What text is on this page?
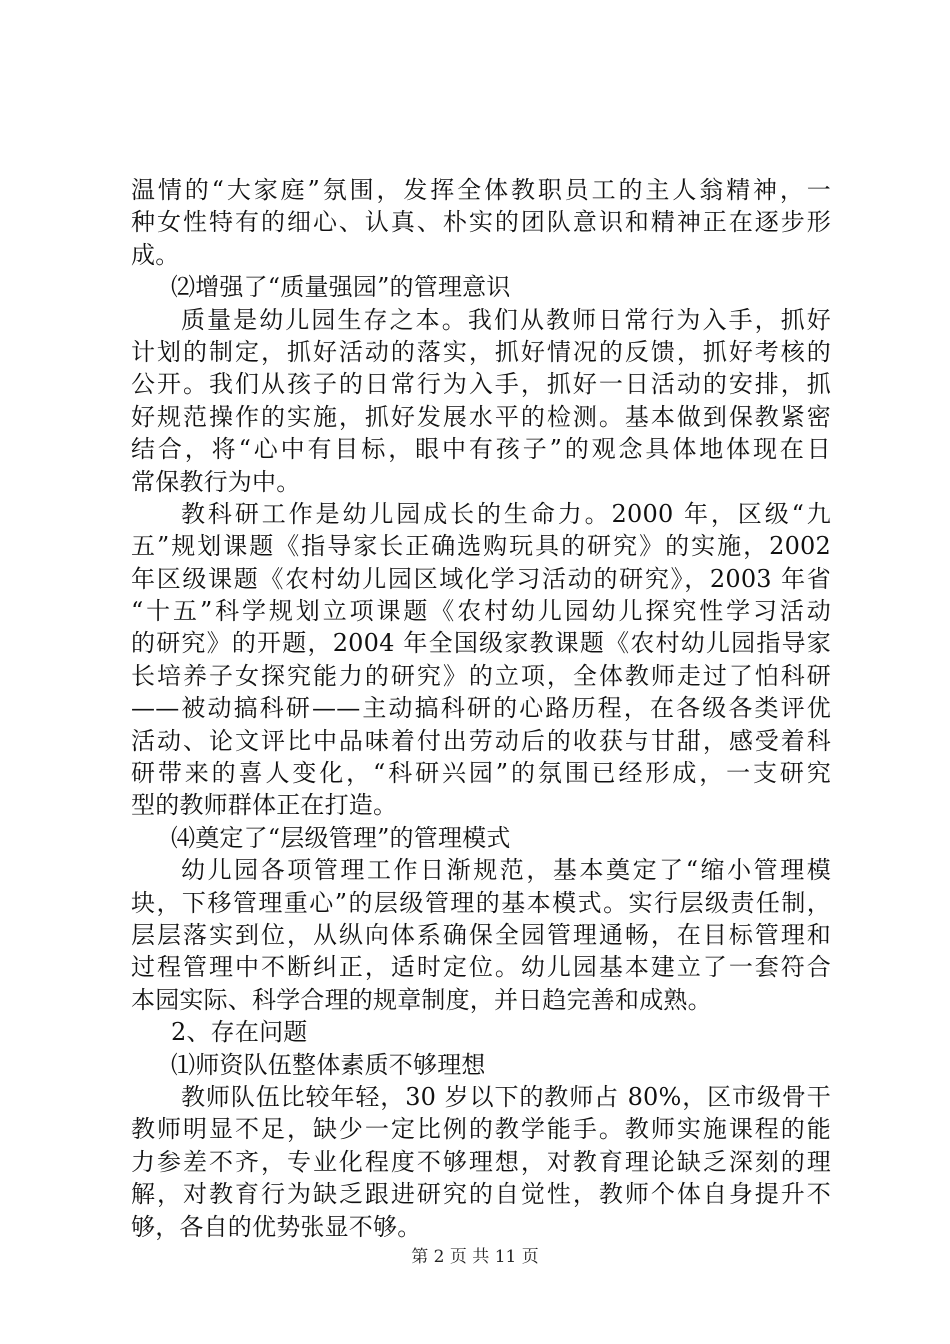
温情的“大家庭”氛围，发挥全体教职员工的主人翁精神，一
种女性特有的细心、认真、朴实的团队意识和精神正在逐步形
成。
⑵增强了“质量强园”的管理意识
质量是幼儿园生存之本。我们从教师日常行为入手，抓好
计划的制定，抓好活动的落实，抓好情况的反馈，抓好考核的
公开。我们从孩子的日常行为入手，抓好一日活动的安排，抓
好规范操作的实施，抓好发展水平的检测。基本做到保教紧密
结合，将“心中有目标，眼中有孩子”的观念具体地体现在日
常保教行为中。
教科研工作是幼儿园成长的生命力。2000 年，区级“九
五”规划课题《指导家长正确选购玩具的研究》的实施，2002
年区级课题《农村幼儿园区域化学习活动的研究》，2003 年省
“十五”科学规划立项课题《农村幼儿园幼儿探究性学习活动
的研究》的开题，2004 年全国级家教课题《农村幼儿园指导家
长培养子女探究能力的研究》的立项，全体教师走过了怕科研
——被动搞科研——主动搞科研的心路历程，在各级各类评优
活动、论文评比中品味着付出劳动后的收获与甘甜，感受着科
研带来的喜人变化，“科研兴园”的氛围已经形成，一支研究
型的教师群体正在打造。
⑷奠定了“层级管理”的管理模式
幼儿园各项管理工作日渐规范，基本奠定了“缩小管理模
块，下移管理重心”的层级管理的基本模式。实行层级责任制，
层层落实到位，从纵向体系确保全园管理通畅，在目标管理和
过程管理中不断纠正，适时定位。幼儿园基本建立了一套符合
本园实际、科学合理的规章制度，并日趋完善和成熟。
2、存在问题
⑴师资队伍整体素质不够理想
教师队伍比较年轻，30 岁以下的教师占 80%，区市级骨干
教师明显不足，缺少一定比例的教学能手。教师实施课程的能
力参差不齐，专业化程度不够理想，对教育理论缺乏深刻的理
解，对教育行为缺乏跟进研究的自觉性，教师个体自身提升不
够，各自的优势张显不够。
第 2 页 共 11 页
